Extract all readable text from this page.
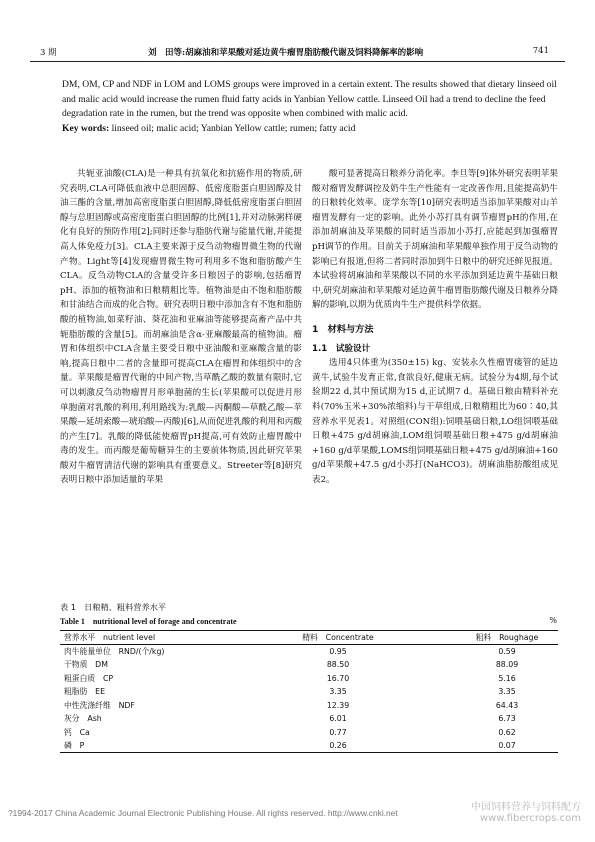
3 期	刘　田等:胡麻油和苹果酸对延边黄牛瘤胃脂肪酸代谢及饲料降解率的影响	741

DM, OM, CP and NDF in LOM and LOMS groups were improved in a certain extent. The results showed that dietary linseed oil and malic acid would increase the rumen fluid fatty acids in Yanbian Yellow cattle. Linseed Oil had a trend to decline the feed degradation rate in the rumen, but the trend was opposite when combined with malic acid.

Key words: linseed oil; malic acid; Yanbian Yellow cattle; rumen; fatty acid

共轭亚油酸(CLA)是一种具有抗氧化和抗癌作用的物质,研究表明,CLA可降低血液中总胆固醇、低密度脂蛋白胆固醇及甘油三酯的含量,增加高密度脂蛋白胆固醇,降低低密度脂蛋白胆固醇与总胆固醇或高密度脂蛋白胆固醇的比例[1],并对动脉粥样硬化有良好的预防作用[2];同时还参与脂肪代谢与能量代谢,并能提高人体免疫力[3]。CLA主要来源于反刍动物瘤胃微生物的代谢产物。Light等[4]发现瘤胃微生物可利用多不饱和脂肪酸产生CLA。反刍动物CLA的含量受许多日粮因子的影响,包括瘤胃pH、添加的植物油和日粮精粗比等。植物油是由不饱和脂肪酸和甘油结合而成的化合物。研究表明日粮中添加含有不饱和脂肪酸的植物油,如菜籽油、葵花油和亚麻油等能够提高畜产品中共轭脂肪酸的含量[5]。而胡麻油是含α-亚麻酸最高的植物油。瘤胃和体组织中CLA含量主要受日粮中亚油酸和亚麻酸含量的影响,提高日粮中二者的含量即可提高CLA在瘤胃和体组织中的含量。苹果酸是瘤胃代谢的中间产物,当草酰乙酸的数量有限时,它可以刺激反刍动物瘤胃月形单胞菌的生长(苹果酸可以促进月形单胞菌对乳酸的利用,利用路线为:乳酸—丙酮酸—草酰乙酸—苹果酸—延胡索酸—琥珀酸—丙酸)[6],从而促进乳酸的利用和丙酸的产生[7]。乳酸的降低能使瘤胃pH提高,可有效防止瘤胃酸中毒的发生。而丙酸是葡萄糖异生的主要前体物质,因此研究苹果酸对牛瘤胃清洁代谢的影响具有重要意义。Streeter等[8]研究表明日粮中添加适量的苹果

酸可显著提高日粮养分消化率。李旦等[9]体外研究表明苹果酸对瘤胃发酵调控及奶牛生产性能有一定改善作用,且能提高奶牛的日粮转化效率。庞学东等[10]研究表明适当添加苹果酸对山羊瘤胃发酵有一定的影响。此外小苏打具有调节瘤胃pH的作用,在添加胡麻油及苹果酸的同时适当添加小苏打,应能起到加强瘤胃pH调节的作用。目前关于胡麻油和苹果酸单独作用于反刍动物的影响已有报道,但将二者同时添加到牛日粮中的研究还鲜见报道。本试验将胡麻油和苹果酸以不同的水平添加到延边黄牛基础日粮中,研究胡麻油和苹果酸对延边黄牛瘤胃脂肪酸代谢及日粮养分降解的影响,以期为优质肉牛生产提供科学依据。

1　材料与方法

1.1　试验设计

选用4只体重为(350±15) kg、安装永久性瘤胃瘘管的延边黄牛,试验牛发育正常,食欲良好,健康无病。试验分为4期,每个试验期22 d,其中预试期为15 d,正试期7 d。基础日粮由精料补充料(70%玉米+30%浓缩料)与干草组成,日粮精粗比为60∶40,其营养水平见表1。对照组(CON组):饲喂基础日粮,LO组饲喂基础日粮+475 g/d胡麻油,LOM组饲喂基础日粮+475 g/d胡麻油+160 g/d苹果酸,LOMS组饲喂基础日粮+475 g/d胡麻油+160 g/d苹果酸+47.5 g/d小苏打(NaHCO3)。胡麻油脂肪酸组成见表2。

表 1　日粮精、粗料营养水平
Table 1　nutritional level of forage and concentrate	%
营养水平　nutrient level	精料　Concentrate	粗料　Roughage
肉牛能量单位　RND/(个/kg)	0.95	0.59
干物质　DM	88.50	88.09
粗蛋白质　CP	16.70	5.16
粗脂肪　EE	3.35	3.35
中性洗涤纤维　NDF	12.39	64.43
灰分　Ash	6.01	6.73
钙　Ca	0.77	0.62
磷　P	0.26	0.07
?1994-2017 China Academic Journal Electronic Publishing House. All rights reserved. http://www.cnki.net	中国饲料营养与饲料配方
www.fibercrops.com
